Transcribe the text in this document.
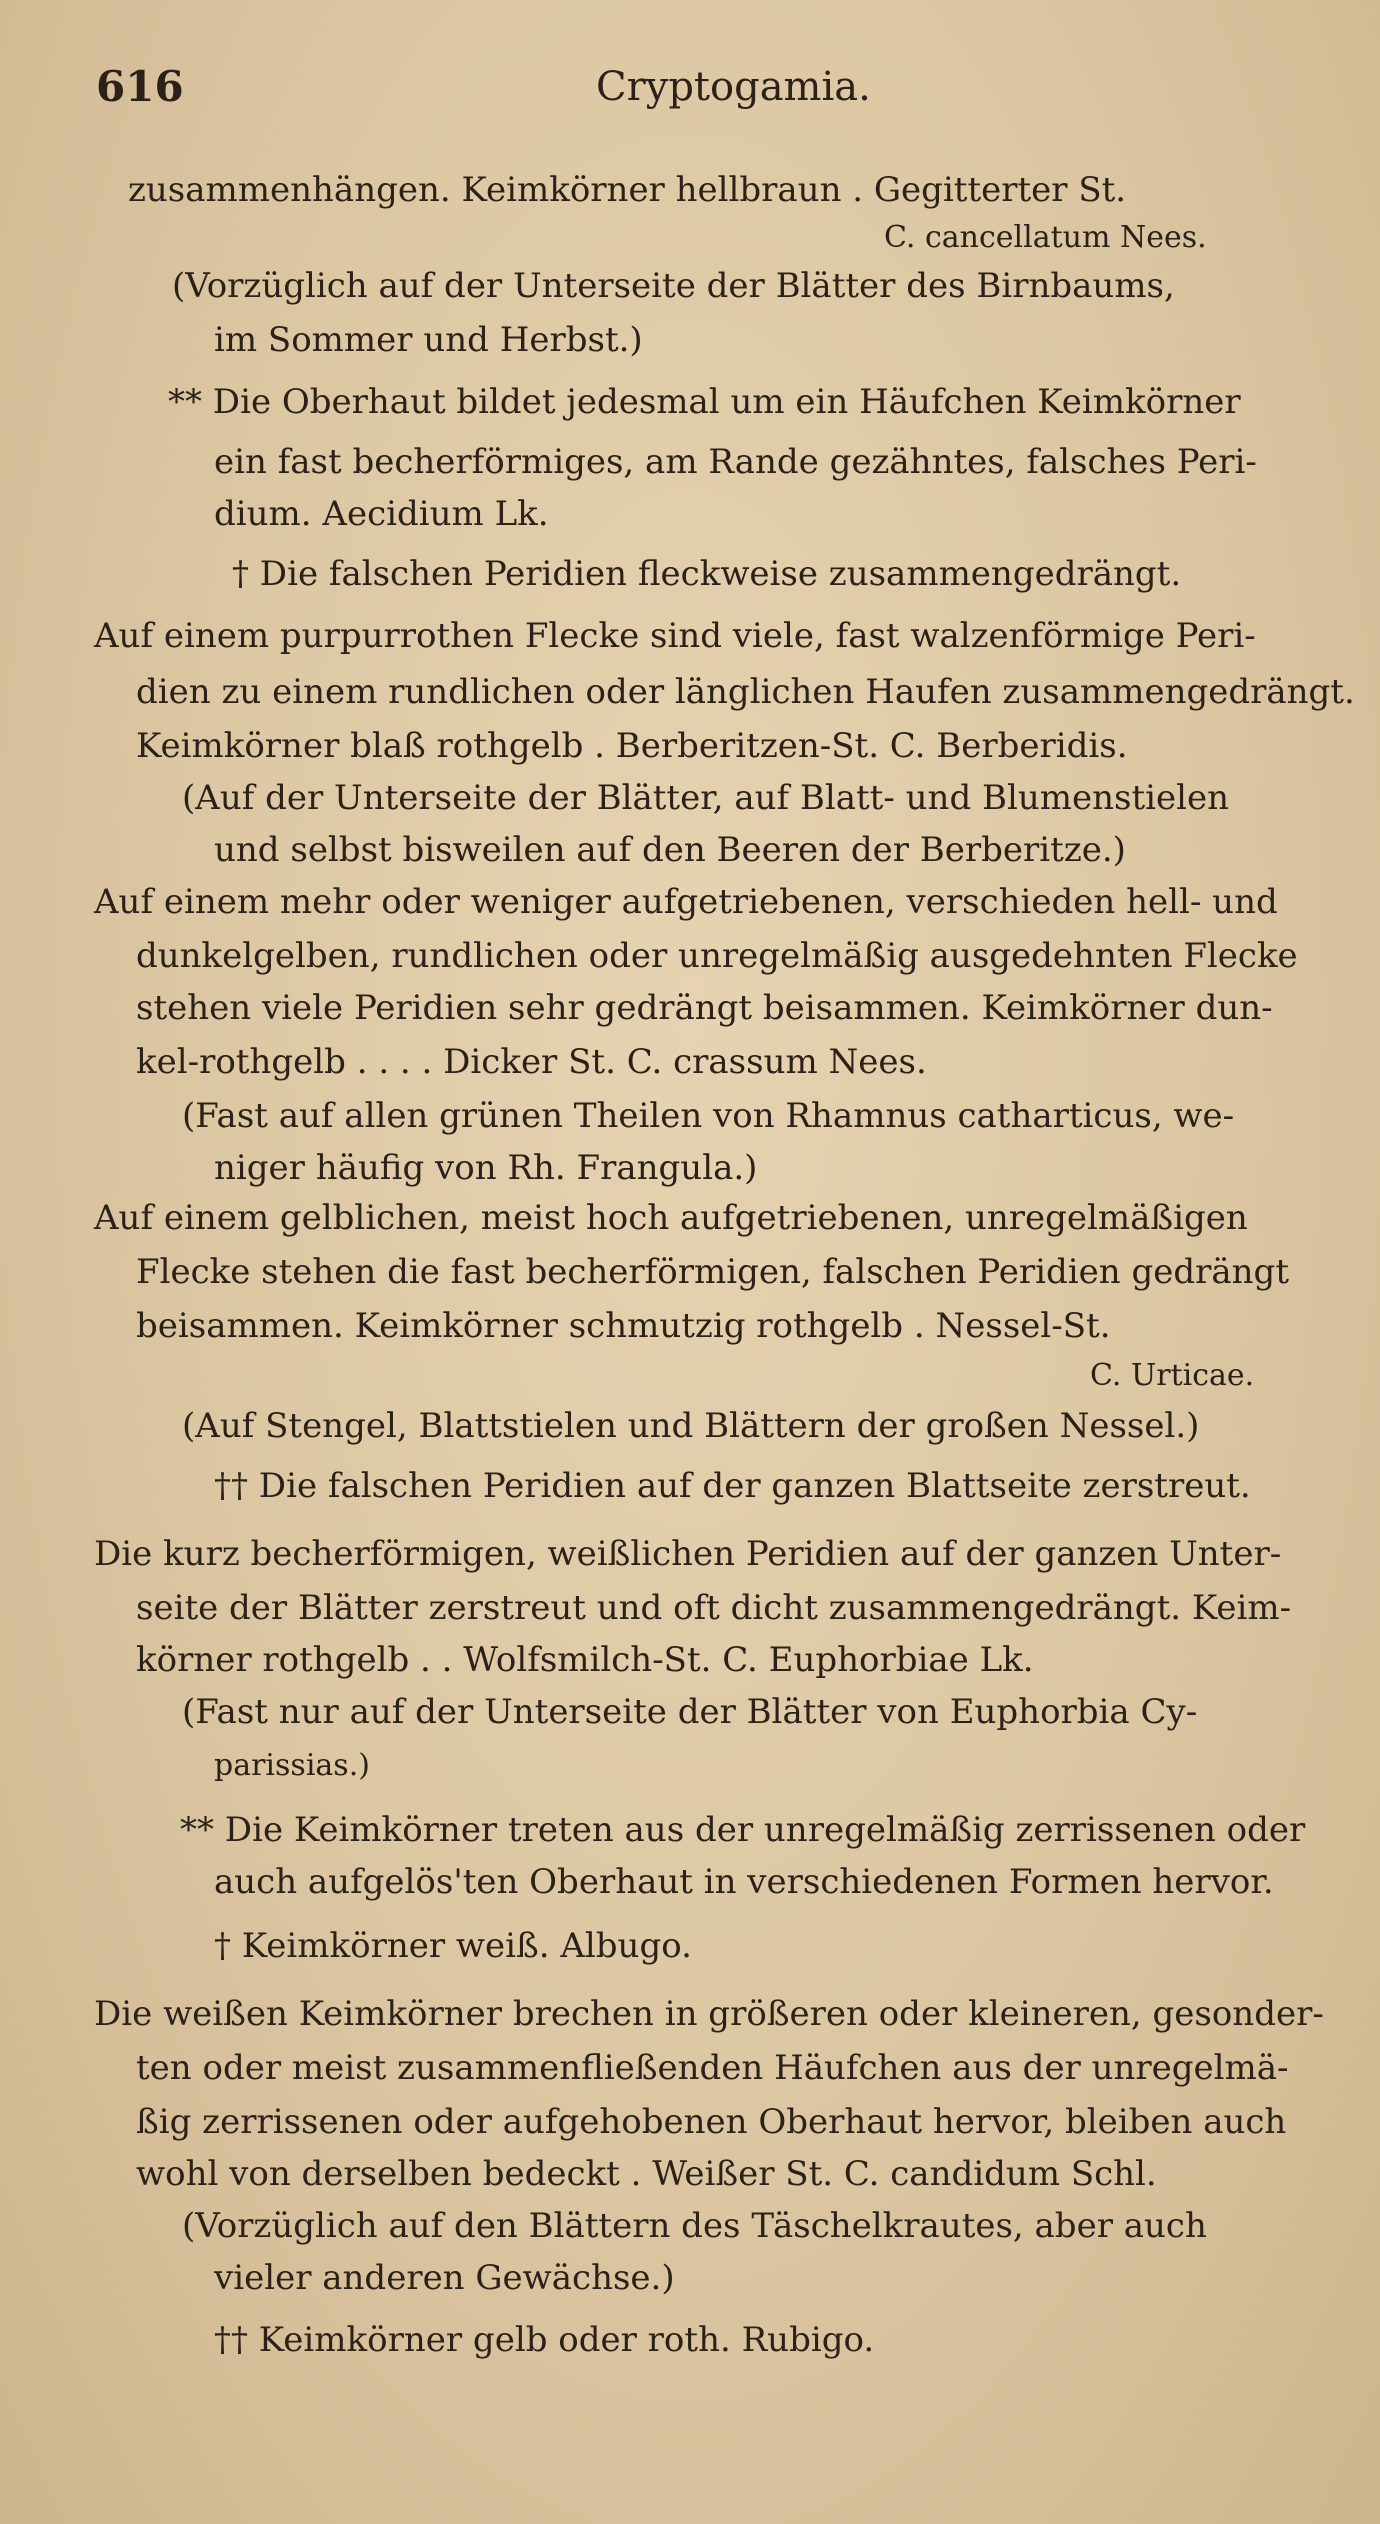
616	Cryptogamia.
zusammenhängen. Keimkörner hellbraun . Gegitterter St.
C. cancellatum Nees.
(Vorzüglich auf der Unterseite der Blätter des Birnbaums,
im Sommer und Herbst.)
** Die Oberhaut bildet jedesmal um ein Häufchen Keimkörner
ein fast becherförmiges, am Rande gezähntes, falsches Peri-
dium. Aecidium Lk.
† Die falschen Peridien fleckweise zusammengedrängt.
Auf einem purpurrothen Flecke sind viele, fast walzenförmige Peri-
dien zu einem rundlichen oder länglichen Haufen zusammengedrängt.
Keimkörner blaß rothgelb . Berberitzen-St. C. Berberidis.
(Auf der Unterseite der Blätter, auf Blatt- und Blumenstielen
und selbst bisweilen auf den Beeren der Berberitze.)
Auf einem mehr oder weniger aufgetriebenen, verschieden hell- und
dunkelgelben, rundlichen oder unregelmäßig ausgedehnten Flecke
stehen viele Peridien sehr gedrängt beisammen. Keimkörner dun-
kel-rothgelb . . . . Dicker St. C. crassum Nees.
(Fast auf allen grünen Theilen von Rhamnus catharticus, we-
niger häufig von Rh. Frangula.)
Auf einem gelblichen, meist hoch aufgetriebenen, unregelmäßigen
Flecke stehen die fast becherförmigen, falschen Peridien gedrängt
beisammen. Keimkörner schmutzig rothgelb . Nessel-St.
C. Urticae.
(Auf Stengel, Blattstielen und Blättern der großen Nessel.)
†† Die falschen Peridien auf der ganzen Blattseite zerstreut.
Die kurz becherförmigen, weißlichen Peridien auf der ganzen Unter-
seite der Blätter zerstreut und oft dicht zusammengedrängt. Keim-
körner rothgelb . . Wolfsmilch-St. C. Euphorbiae Lk.
(Fast nur auf der Unterseite der Blätter von Euphorbia Cy-
parissias.)
** Die Keimkörner treten aus der unregelmäßig zerrissenen oder
auch aufgelös'ten Oberhaut in verschiedenen Formen hervor.
† Keimkörner weiß. Albugo.
Die weißen Keimkörner brechen in größeren oder kleineren, gesonder-
ten oder meist zusammenfließenden Häufchen aus der unregelmä-
ßig zerrissenen oder aufgehobenen Oberhaut hervor, bleiben auch
wohl von derselben bedeckt . Weißer St. C. candidum Schl.
(Vorzüglich auf den Blättern des Täschelkrautes, aber auch
vieler anderen Gewächse.)
†† Keimkörner gelb oder roth. Rubigo.
